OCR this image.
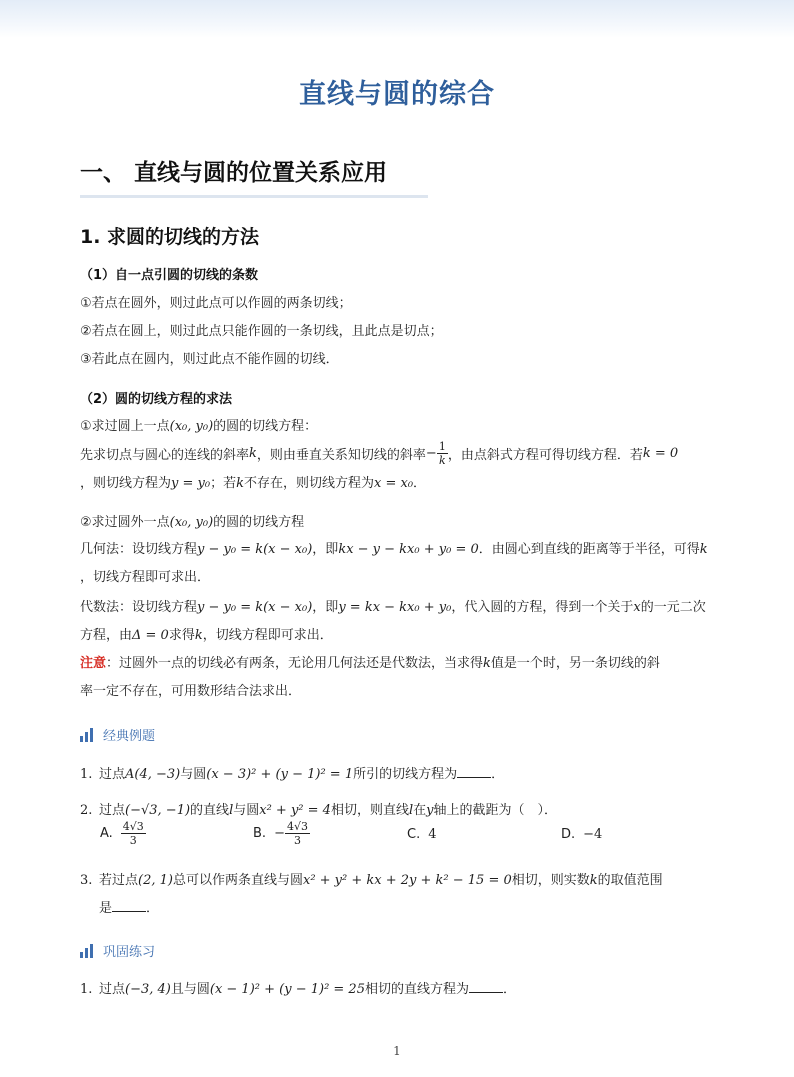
直线与圆的综合
一、 直线与圆的位置关系应用
1. 求圆的切线的方法
（1）自一点引圆的切线的条数
①若点在圆外，则过此点可以作圆的两条切线；
②若点在圆上，则过此点只能作圆的一条切线，且此点是切点；
③若此点在圆内，则过此点不能作圆的切线．
（2）圆的切线方程的求法
①求过圆上一点(x₀, y₀)的圆的切线方程：
先求切点与圆心的连线的斜率 k ，则由垂直关系知切线的斜率 − $\frac{1}{k}$ ，由点斜式方程可得切线方程．若 k = 0
，则切线方程为y = y₀；若k不存在，则切线方程为x = x₀．
②求过圆外一点(x₀, y₀)的圆的切线方程
几何法：设切线方程y − y₀ = k(x − x₀)，即kx − y − kx₀ + y₀ = 0．由圆心到直线的距离等于半径，可得k
，切线方程即可求出．
代数法：设切线方程y − y₀ = k(x − x₀)，即y = kx − kx₀ + y₀，代入圆的方程，得到一个关于x的一元二次
方程，由Δ = 0求得k，切线方程即可求出．
注意：过圆外一点的切线必有两条，无论用几何法还是代数法，当求得k值是一个时，另一条切线的斜
率一定不存在，可用数形结合法求出．
经典例题
1. 过点A(4, −3)与圆(x − 3)² + (y − 1)² = 1所引的切线方程为	．
2. 过点(−√3, −1)的直线l与圆x² + y² = 4相切，则直线l在y轴上的截距为（　）．
A. $\frac{4√3}{3}$	B. − $\frac{4√3}{3}$	C. 4	D. −4
3. 若过点(2, 1)总可以作两条直线与圆x² + y² + kx + 2y + k² − 15 = 0相切，则实数k的取值范围
是	．
巩固练习
1. 过点(−3, 4)且与圆(x − 1)² + (y − 1)² = 25相切的直线方程为	．
1
